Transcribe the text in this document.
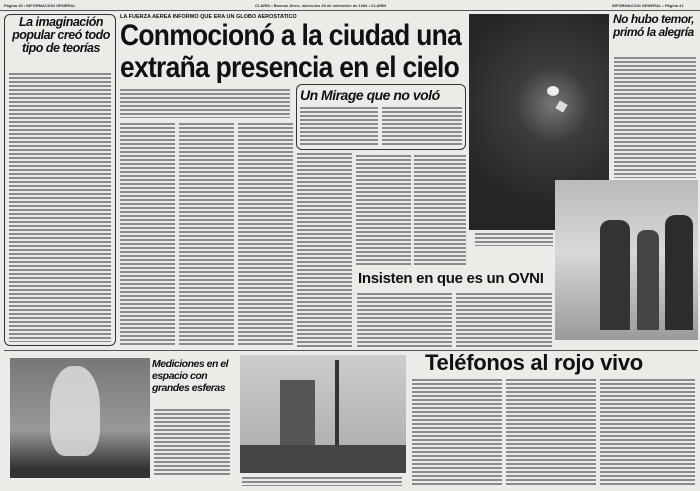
Página 40 • INFORMACION GENERAL	CLARIN • Buenos Aires, miércoles 26 de setiembre de 1984 • CLARIN	INFORMACION GENERAL • Página 41
La imaginación popular creó todo tipo de teorías
LA FUERZA AEREA INFORMO QUE ERA UN GLOBO AEROSTATICO
Conmocionó a la ciudad una
extraña presencia en el cielo
Un Mirage que no voló
No hubo temor, primó la alegría
Insisten en que es un OVNI
Mediciones en el espacio con grandes esferas
Teléfonos al rojo vivo
